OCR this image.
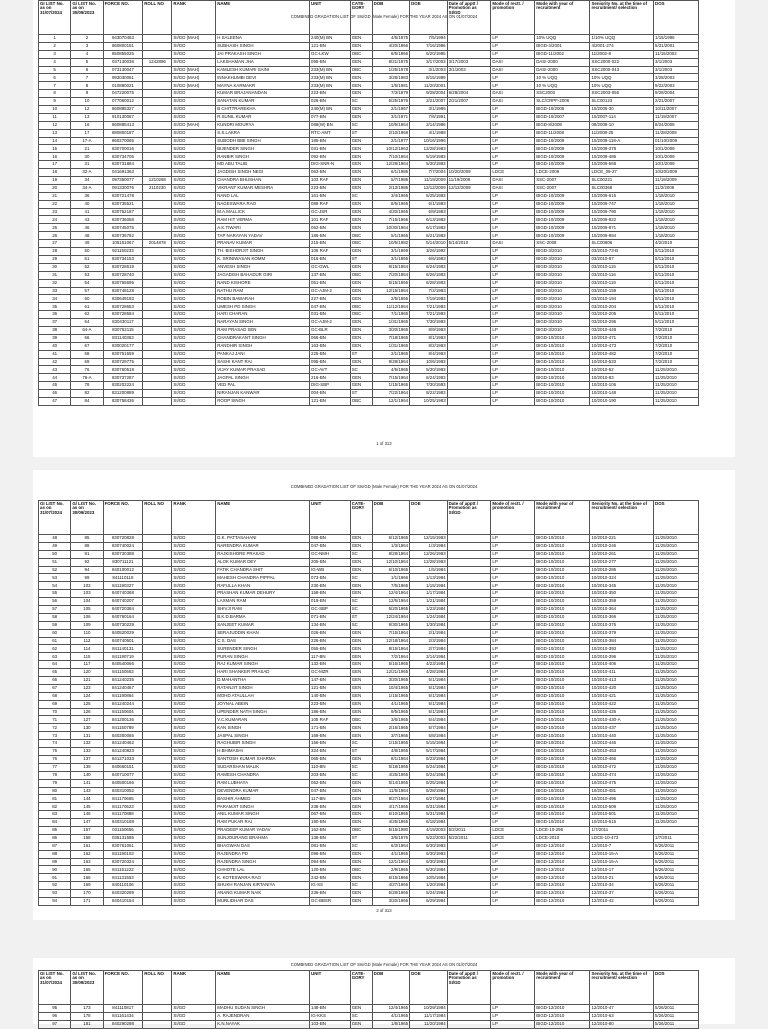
COMBINED GRADATION LIST OF SIs/GD (Male Female) FOR THE YEAR 2024 AS ON 01/07/2024
GI LIST No. as on 31/07/2024	G/ LIST No. as on 30/09/2023	FORCE NO.	ROLL NO	RANK	NAME	UNIT	CATE-GORY	DOB	DOE	Date of apptt / Promotion as SI/GD	Mode of rectt. / promotion	Mode with year of recruitment	Seniority No. at the time of recruitment/ selection	DOS
1	2	943070463		SI/GD (MAH)	H SALEENA	240(M) BN	GEN	4/5/1975	7/5/1994		LP	10% UQQ	1/10% UQQ	1/15/1996
2	3	860800151		SI/GD	SUBHASH SINGH	121-BN	GEN	4/20/1966	7/16/1986		LP	BIGD-4/2001	4/2001-274	5/31/2001
3	4	850855025		SI/GD	JAI PRAKASH SINGH	GC-LKW	OBC	8/5/1966	6/20/1985		LP	BIGD-11/2002	11/2002-8	11/15/2002
4	5	037130038	1242896	SI/GD	LAKSHAMAN JHA	095-BN	GEN	8/21/1975	3/17/2003	3/17/2003	DASI	DASI-2000	SSC2000-022	3/1/2003
5	6	073130047		SI/GD (MAH)	KAMLESH KUMARI SAINI	233(M) BN	OBC	1/25/1978	3/1/2003	3/1/2003	DASI	DASI-2000	SSC2000-043	3/1/2003
6	7	993030061		SI/GD (MAH)	INNAKHUMBI DEVI	233(M) BN	GEN	3/28/1983	8/15/1999		LP	10 % UQQ	10% UQQ	3/28/2003
7	8	010880021		SI/GD (MAH)	MAYNA KARMAKR	233(M) BN	GEN	1/5/1981	11/20/2001		LP	10 % UQQ	10% UQQ	9/22/2003
8	9	047220075		SI/GD	KUMAR BRAJANANDAN	223-BN	GEN	7/3/1979	9/28/2004	9/28/2004	DASI	SSC2003	SSC2003-055	9/28/2004
9	10	077060012		SI/GD	SANATAN KUMAR	026-BN	SC	5/25/1976	2/21/2007	2/21/2007	DASI	SLC/CRPF-2006	SLC00123	2/21/2007
10	12	860885327		SI/GD	B CHITTRAREKHA	240(M) BN	GEN	2/1/1967	3/1/1986		LP	BIGD-10/2005	10/2005-30	10/11/2007
11	13	910130067		SI/GD	R.SUNIL KUMAR	077-BN	GEN	3/1/1971	7/6/1991		LP	BIGD-10/2007	10/2007-114	11/19/2007
12	16	860885413		SI/GD (MAH)	KUNDRI MOURYA	088(W) BN	SC	10/5/1964	2/14/1986		LP	BIGD-8/2008	08/2008-10	8/24/2008
13	17	880800187		SI/GD	S.S.LAKRA	RTC-AMT	ST	2/10/1968	4/1/1988		LP	BIGD-11/2008	11/2008-25	11/28/2008
14	17-A	860270065		SI/GD	SUBODH BIBI SINGH	185-BN	GEN	2/1/1977	10/16/1996		LP	BIGD-10/2009	10/2009-118-A	01/10/2009
15	21	830700016		SI/GD	BIJENDER SINGH	031-BN	GEN	10/12/1963	12/28/1983		LP	BIGD-10/2009	10/2009-378	10/1/2009
16	30	830734705		SI/GD	RANBIR SINGH	092-BN	GEN	7/10/1964	5/19/1983		LP	BIGD-10/2009	10/2009-486	10/1/2009
17	31	830731884		SI/GD	MD ABU TALIB	DIG-SNR-N	GEN	12/28/1964	5/30/1983		LP	BIGD-10/2009	10/2009-568	10/1/2009
18	32-A	041691363		SI/GD	JAGDISH SINGH NEGI	063-BN	GEN	6/1/1985	7/7/2004	10/20/2009	LDCE	LDCE-2009	LDCE_09-27	10/20/2009
19	34	097350077	1210268	SI/GD	CHANDRA BHUSHAN	103 RAF	GEN	5/7/1985	11/19/2009	11/19/2009	DASI	SSC-2007	SLC00221	11/19/2009
20	34-A	091330076	2110230	SI/GD	VIKRANT KUMAR MESHRA	223-BN	GEN	2/13/1985	12/12/2009	12/12/2009	DASI	SSC-2007	SLC00368	11/2/2009
21	36	830721478		SI/GD	NAND LAL	161-BN	SC	3/4/1965	5/25/1983		LP	BIGD-10/2009	10/2009-615	1/18/2010
22	40	830735521		SI/GD	NAGESWARA RAO	089 RAF	GEN	8/5/1965	6/1/1983		LP	BIGD-10/2009	10/2009-747	1/18/2010
23	41	830752187		SI/GD	M.A.MALLICK	GC-JSR	GEN	4/20/1965	6/9/1983		LP	BIGD-10/2009	10/2009-790	1/18/2010
24	43	830736058		SI/GD	RAM HIT VERMA	101 RAF	GEN	7/15/1966	6/13/1983		LP	BIGD-10/2009	10/2009-822	1/18/2010
25	46	830745075		SI/GD	A.K.TIWARI	062-BN	GEN	10/30/1964	6/17/1983		LP	BIGD-10/2009	10/2009-871	1/18/2010
26	48	830736782		SI/GD	TAP NARAYAN YADAV	186-BN	OBC	5/1/1965	6/21/1983		LP	BIGD-10/2009	10/2009-894	1/18/2010
27	49	105151067	2014878	SI/GD	PRANAV KUMAR	215-BN	OBC	10/5/1982	5/14/2010	5/14/2010	DASI	SSC-2008	SLC00806	4/2/2010
28	50	921150233		SI/GD	TH. BISHORJIT SINGH	106 RAF	GEN	3/1/1969	3/26/1992		LP	BIGD-3/2010	03/2010-73-B	5/11/2010
29	51	830734153		SI/GD	K. SRINIWASAN KOMM	016-BN	ST	3/1/1965	6/6/1983		LP	BIGD-3/2010	03/2010-87	5/11/2010
30	52	830728519		SI/GD	ANVESH SINGH	GC-GWL	GEN	8/15/1964	6/24/1983		LP	BIGD-3/2010	03/2010-115	5/11/2010
31	53	830728740		SI/GD	JAGADISH BAHADUR GIRI	137-BN	OBC	7/20/1964	6/26/1983		LP	BIGD-3/2010	03/2010-116	5/11/2010
32	54	830755695		SI/GD	NAND KISHORE	051-BN	GEN	5/15/1966	6/28/1983		LP	BIGD-3/2010	03/2010-119	5/11/2010
33	57	830748128		SI/GD	NATHU RAM	GC-AJM-2	GEN	12/15/1964	7/2/1983		LP	BIGD-3/2010	03/2010-159	5/11/2010
34	60	830649193		SI/GD	ROBIN BAWARAH	227-BN	GEN	2/5/1965	7/19/1983		LP	BIGD-3/2010	03/2010-194	5/11/2010
35	61	830728653		SI/GD	UMESH PD SINGH	047-BN	OBC	11/12/1964	7/21/1983		LP	BIGD-3/2010	03/2010-204	5/11/2010
36	62	830728584		SI/GD	HARI CHARAN	031-BN	OBC	7/1/1965	7/21/1983		LP	BIGD-3/2010	03/2010-205	5/11/2010
37	64	830430117		SI/GD	NARAYAN SINGH	GC-AJM-2	GEN	1/31/1965	7/30/1983		LP	BIGD-3/2010	03/2010-296	5/11/2010
38	64-A	830752115		SI/GD	RAM PRASAD SEN	GC-BLR	GEN	3/20/1965	8/9/1983		LP	BIGD-3/2010	03/2010-448	7/2/2010
39	66	831140363		SI/GD	CHANDRAKANT SINGH	066-BN	GEN	7/18/1965	8/1/1983		LP	BIGD-10/2010	10/2010-471	7/2/2010
40	67	830020177		SI/GD	RANDHIR SINGH	163-BN	GEN	1/31/1965	8/2/1983		LP	BIGD-10/2010	10/2010-473	7/2/2010
41	68	830751559		SI/GD	PANKAJ JANI	225-BN	ST	2/1/1965	8/4/1983		LP	BIGD-10/2010	10/2010-482	7/2/2010
42	69	830729775		SI/GD	SASHI KANT RAI	095-BN	GEN	9/28/1964	10/6/1983		LP	BIGD-10/2010	10/2010-533	7/2/2010
43	76	830760518		SI/GD	VIJAY KUMAR PRASAD	GC-AVT	SC	4/5/1965	5/30/1983		LP	BIGD-10/2010	10/2010-52	11/25/2010
44	76-A	830737287		SI/GD	JAGPAL SINGH	216-BN	GEN	7/15/1964	6/24/1983		LP	BIGD-10/2010	10/2010-83	11/25/2010
45	78	830202224		SI/GD	VED PAL	DIG-SBP	GEN	1/15/1965	7/30/1983		LP	BIGD-10/2010	10/2010-106	11/25/2010
46	82	831200889		SI/GD	NIRANJAN KANWAR	004-BN	ST	7/22/1964	8/22/1983		LP	BIGD-10/2010	10/2010-148	11/25/2010
47	84	830758436		SI/GD	ROOP SINGH	121-BN	OBC	12/1/1964	10/25/1983		LP	BIGD-10/2010	10/2010-190	11/25/2010
1 of 313
COMBINED GRADATION LIST OF SIs/GD (Male Female) FOR THE YEAR 2024 AS ON 01/07/2024
GI LIST No. as on 31/07/2024	G/ LIST No. as on 30/09/2023	FORCE NO.	ROLL NO	RANK	NAME	UNIT	CATE-GORY	DOB	DOE	Date of apptt / Promotion as SI/GD	Mode of rectt. / promotion	Mode with year of recruitment	Seniority No. at the time of recruitment/ selection	DOS
48	85	830720828		SI/GD	D.K. PATTASAHANI	088-BN	GEN	6/12/1965	12/15/1983		LP	BIGD-10/2010	10/2010-221	11/25/2010
49	88	830740024		SI/GD	NARENDRA KUMAR	047-BN	GEN	1/3/1964	1/3/1984		LP	BIGD-10/2010	10/2010-246	11/25/2010
50	91	830730388		SI/GD	RAJKISHORE PRASAD	GC-NMH	SC	8/28/1964	12/26/1983		LP	BIGD-10/2010	10/2010-261	11/25/2010
51	92	830711121		SI/GD	ALOK KUMAR DEY	205-BN	GEN	12/10/1964	12/28/1983		LP	BIGD-10/2010	10/2010-277	11/25/2010
52	94	840100012		SI/GD	FATIK CHANDRA SHIT	IG-WB	GEN	6/10/1965	1/5/1984		LP	BIGD-10/2010	10/2010-285	11/25/2010
53	99	841110118		SI/GD	MAHESH CHANDRA PIPPAL	073-BN	SC	1/1/1966	1/13/1984		LP	BIGD-10/2010	10/2010-324	11/25/2010
54	102	841190327		SI/GD	RAFULLA KHAN	230-BN	GEN	7/5/1965	1/15/1984		LP	BIGD-10/2010	10/2010-345	11/25/2010
55	103	840740368		SI/GD	PRASHAN KUMAR DEHURY	158-BN	GEN	12/4/1964	1/17/1984		LP	BIGD-10/2010	10/2010-350	11/25/2010
56	104	840740207		SI/GD	LAXMAN RAM	019-BN	SC	12/5/1964	1/21/1984		LP	BIGD-10/2010	10/2010-359	11/25/2010
57	105	840720384		SI/GD	SHIVJI RAM	GC-SBP	SC	5/20/1965	1/23/1984		LP	BIGD-10/2010	10/2010-364	11/25/2010
58	106	840760164		SI/GD	B.K.D.BARMA	071-BN	ST	12/24/1964	1/24/1984		LP	BIGD-10/2010	10/2010-366	11/25/2010
59	109	840730229		SI/GD	SANJEET KUMAR	134-BN	SC	9/30/1965	1/30/1984		LP	BIGD-10/2010	10/2010-376	11/25/2010
60	110	840520029		SI/GD	SERAJUDDIN KHAN	026-BN	GEN	7/15/1964	2/1/1984		LP	BIGD-10/2010	10/2010-379	11/25/2010
61	112	840740501		SI/GD	C.S. DAS	226-BN	GEN	12/18/1964	2/3/1984		LP	BIGD-10/2010	10/2010-384	11/25/2010
62	114	841140131		SI/GD	SURENDER SINGH	055-BN	GEN	8/15/1964	2/7/1984		LP	BIGD-10/2010	10/2010-393	11/25/2010
63	115	841190719		SI/GD	PURAN SINGH	117-BN	GEN	7/2/1964	2/14/1984		LP	BIGD-10/2010	10/2010-396	11/25/2010
64	117	840540066		SI/GD	RAJ KUMAR SINGH	132-BN	GEN	5/16/1965	4/23/1984		LP	BIGD-10/2010	10/2010-406	11/25/2010
65	120	841150563		SI/GD	HARI SHANKER PRASAD	GC-MZR	GEN	12/21/1965	4/28/1984		LP	BIGD-10/2010	10/2010-411	11/25/2010
66	121	841240235		SI/GD	D.MAHANTHA	147-BN	GEN	3/20/1965	5/1/1984		LP	BIGD-10/2010	10/2010-413	11/25/2010
67	123	841240467		SI/GD	RATANJIT SINGH	121-BN	GEN	10/4/1965	5/1/1984		LP	BIGD-10/2010	10/2010-420	11/25/2010
68	124	841190864		SI/GD	MOHD ATAULLAH	140-BN	GEN	1/15/1965	5/1/1984		LP	BIGD-10/2010	10/2010-421	11/25/2010
69	125	841240244		SI/GD	JOYNAL ABEIN	223-BN	GEN	4/1/1965	5/1/1984		LP	BIGD-10/2010	10/2010-422	11/25/2010
70	126	841150604		SI/GD	UPENDER NATH SINGH	186-BN	GEN	9/5/1965	5/1/1984		LP	BIGD-10/2010	10/2010-426	11/25/2010
71	127	841200136		SI/GD	V.C.KUMARAN	105 RAF	OBC	3/6/1965	5/4/1984		LP	BIGD-10/2010	10/2010-430-A	11/25/2010
72	130	841150789		SI/GD	KAN SINGH	171-BN	GEN	2/16/1965	5/7/1984		LP	BIGD-10/2010	10/2010-437	11/25/2010
73	131	840300065		SI/GD	JASPAL SINGH	169-BN	GEN	3/7/1966	5/8/1984		LP	BIGD-10/2010	10/2010-440	11/25/2010
74	132	841240462		SI/GD	RAGHUBIR SINGH	156-BN	SC	1/15/1965	5/15/1984		LP	BIGD-10/2010	10/2010-446	11/25/2010
75	133	841240823		SI/GD	H.BHIMASHI	324-BN	ST	4/8/1965	5/17/1984		LP	BIGD-10/2010	10/2010-453	11/25/2010
76	137	841271033		SI/GD	SANTOSH KUMAR SHARMA	065-BN	GEN	8/1/1964	5/23/1984		LP	BIGD-10/2010	10/2010-466	11/25/2010
77	139	840660151		SI/GD	SUDARSHAN MALIK	110-BN	SC	5/18/1965	5/24/1984		LP	BIGD-10/2010	10/2010-472	11/25/2010
78	140	840710077		SI/GD	RAMESH CHANDRA	203-BN	SC	4/25/1965	5/24/1984		LP	BIGD-10/2010	10/2010-474	11/25/2010
79	141	840500166		SI/GD	RAM LUBHAYA	062-BN	GEN	5/14/1965	5/25/1984		LP	BIGD-10/2010	10/2010-475	11/25/2010
80	143	840310052		SI/GD	DEVENDRA KUMAR	047-BN	GEN	11/5/1964	5/28/1984		LP	BIGD-10/2010	10/2010-481	11/25/2010
81	144	841170665		SI/GD	BASHIR AHMED	117-BN	GEN	8/27/1964	6/27/1984		LP	BIGD-10/2010	10/2010-496	11/25/2010
82	145	841170523		SI/GD	PARAMJIT SINGH	238-BN	GEN	4/17/1965	5/31/1984		LP	BIGD-10/2010	10/2010-509	11/25/2010
83	146	841170888		SI/GD	ANIL KUMAR SINGH	067-BN	GEN	6/10/1965	5/31/1984		LP	BIGD-10/2010	10/2010-501	11/25/2010
84	147	840310168		SI/GD	RAM PUKAR RAI	190-BN	GEN	4/25/1965	6/18/1984		LP	BIGD-10/2010	10/2010-515	11/25/2010
85	157	031150656		SI/GD	PRADEEP KUMAR YADAV	162-BN	OBC	5/15/1980	4/19/2003	5/2/2011	LDCE	LDCE-10-296	1/7/2011	
86	158	035131586		SI/GD	SUNJOURANG BRAHMA	136-BN	ST	3/6/1976	5/22/2003	5/22/2011	LDCE	LDCE-2010	LDCE-10-473	1/7/2011
87	161	830761061		SI/GD	BHAGWAN DAS	081-BN	SC	6/3/1964	6/30/1983		LP	BIGD-12/2010	12/2010-7	5/26/2011
88	162	831190103		SI/GD	RAJENDRA PD	096-BN	GEN	4/1/1965	6/30/1983		LP	BIGD-12/2010	12/2010-16-A	5/26/2011
89	163	830720324		SI/GD	RAJENDRA SINGH	094-BN	GEN	12/1/1964	6/30/1983		LP	BIGD-12/2010	12/2010-16-A	5/26/2011
90	165	841151222		SI/GD	CHHOTE LAL	120-BN	OBC	2/9/1965	5/30/1984		LP	BIGD-12/2010	12/2010-17	5/26/2011
91	166	841131553		SI/GD	K. KOTESWARA RAO	242-BN	GEN	6/15/1966	10/5/1984		LP	BIGD-12/2010	12/2010-21	5/26/2011
92	169	840110106		SI/GD	SHUKH RANJAN KIRTANIYA	IG-SS	SC	4/27/1965	1/20/1984		LP	BIGD-12/2010	12/2010-34	5/26/2011
93	170	840320289		SI/GD	ANANG KUMAR NAIK	236-BN	GEN	5/28/1965	5/24/1984		LP	BIGD-12/2010	12/2010-37	5/26/2011
94	171	840410154		SI/GD	MURLIDHAR DAS	GC-BBSR	GEN	3/20/1965	6/29/1984		LP	BIGD-12/2010	12/2010-42	5/26/2011
2 of 313
COMBINED GRADATION LIST OF SIs/GD (Male Female) FOR THE YEAR 2024 AS ON 01/07/2024
GI LIST No. as on 31/07/2024	G/ LIST No. as on 30/09/2023	FORCE NO.	ROLL NO	RANK	NAME	UNIT	CATE-GORY	DOB	DOE	Date of apptt / Promotion as SI/GD	Mode of rectt. / promotion	Mode with year of recruitment	Seniority No. at the time of recruitment/ selection	DOS
95	173	841110817		SI/GD	MADHU SUDAN SINGH	148-BN	GEN	12/4/1965	10/29/1984		LP	BIGD-12/2010	12/2010-47	5/26/2011
96	178	841161434		SI/GD	A. RAJENDRAN	IG-KKS	SC	4/1/1965	11/17/1984		LP	BIGD-12/2010	12/2010-63	5/26/2011
97	181	840290298		SI/GD	K.N.NAYAK	103-BN	GEN	1/8/1965	11/20/1984		LP	BIGD-12/2010	12/2010-80	5/26/2011
